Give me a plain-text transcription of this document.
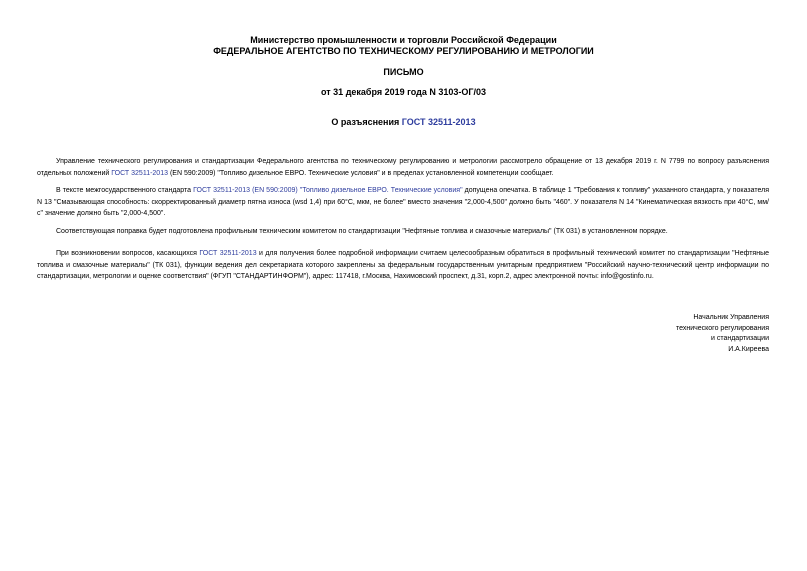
Министерство промышленности и торговли Российской Федерации
ФЕДЕРАЛЬНОЕ АГЕНТСТВО ПО ТЕХНИЧЕСКОМУ РЕГУЛИРОВАНИЮ И МЕТРОЛОГИИ
ПИСЬМО
от 31 декабря 2019 года N 3103-ОГ/03
О разъяснения ГОСТ 32511-2013
Управление технического регулирования и стандартизации Федерального агентства по техническому регулированию и метрологии рассмотрело обращение от 13 декабря 2019 г. N 7799 по вопросу разъяснения отдельных положений ГОСТ 32511-2013 (EN 590:2009) "Топливо дизельное ЕВРО. Технические условия" и в пределах установленной компетенции сообщает.
В тексте межгосударственного стандарта ГОСТ 32511-2013 (EN 590:2009) "Топливо дизельное ЕВРО. Технические условия" допущена опечатка. В таблице 1 "Требования к топливу" указанного стандарта, у показателя N 13 "Смазывающая способность: скорректированный диаметр пятна износа (wsd 1,4) при 60°С, мкм, не более" вместо значения "2,000-4,500" должно быть "460". У показателя N 14 "Кинематическая вязкость при 40°С, мм/с" значение должно быть "2,000-4,500".
Соответствующая поправка будет подготовлена профильным техническим комитетом по стандартизации "Нефтяные топлива и смазочные материалы" (ТК 031) в установленном порядке.
При возникновении вопросов, касающихся ГОСТ 32511-2013 и для получения более подробной информации считаем целесообразным обратиться в профильный технический комитет по стандартизации "Нефтяные топлива и смазочные материалы" (ТК 031), функции ведения дел секретариата которого закреплены за федеральным государственным унитарным предприятием "Российский научно-технический центр информации по стандартизации, метрологии и оценке соответствия" (ФГУП "СТАНДАРТИНФОРМ"), адрес: 117418, г.Москва, Нахимовский проспект, д.31, корп.2, адрес электронной почты: info@gostinfo.ru.
Начальник Управления
технического регулирования
и стандартизации
И.А.Киреева
